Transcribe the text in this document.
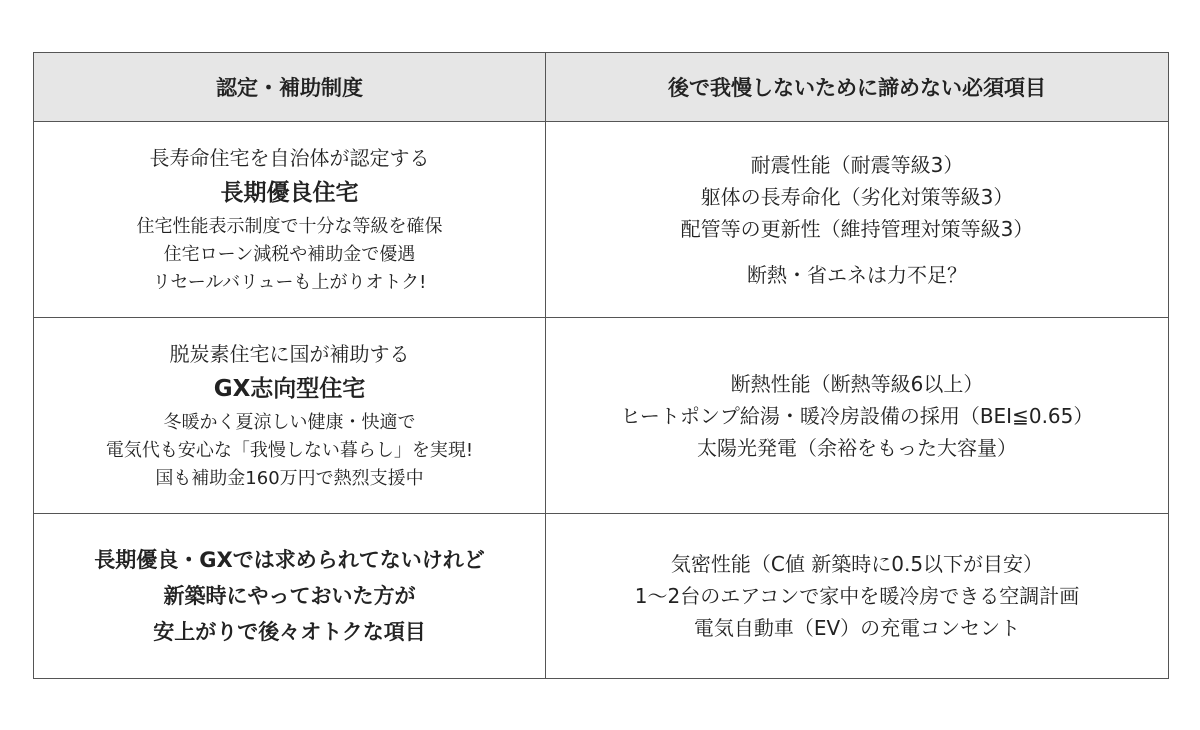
認定・補助制度	後で我慢しないために諦めない必須項目
長寿命住宅を自治体が認定する
長期優良住宅
住宅性能表示制度で十分な等級を確保
住宅ローン減税や補助金で優遇
リセールバリューも上がりオトク!
耐震性能（耐震等級3）
躯体の長寿命化（劣化対策等級3）
配管等の更新性（維持管理対策等級3）
断熱・省エネは力不足？
脱炭素住宅に国が補助する
GX志向型住宅
冬暖かく夏涼しい健康・快適で
電気代も安心な「我慢しない暮らし」を実現!
国も補助金160万円で熱烈支援中
断熱性能（断熱等級6以上）
ヒートポンプ給湯・暖冷房設備の採用（BEI≦0.65）
太陽光発電（余裕をもった大容量）
長期優良・GXでは求められてないけれど
新築時にやっておいた方が
安上がりで後々オトクな項目
気密性能（C値 新築時に0.5以下が目安）
1～2台のエアコンで家中を暖冷房できる空調計画
電気自動車（EV）の充電コンセント
